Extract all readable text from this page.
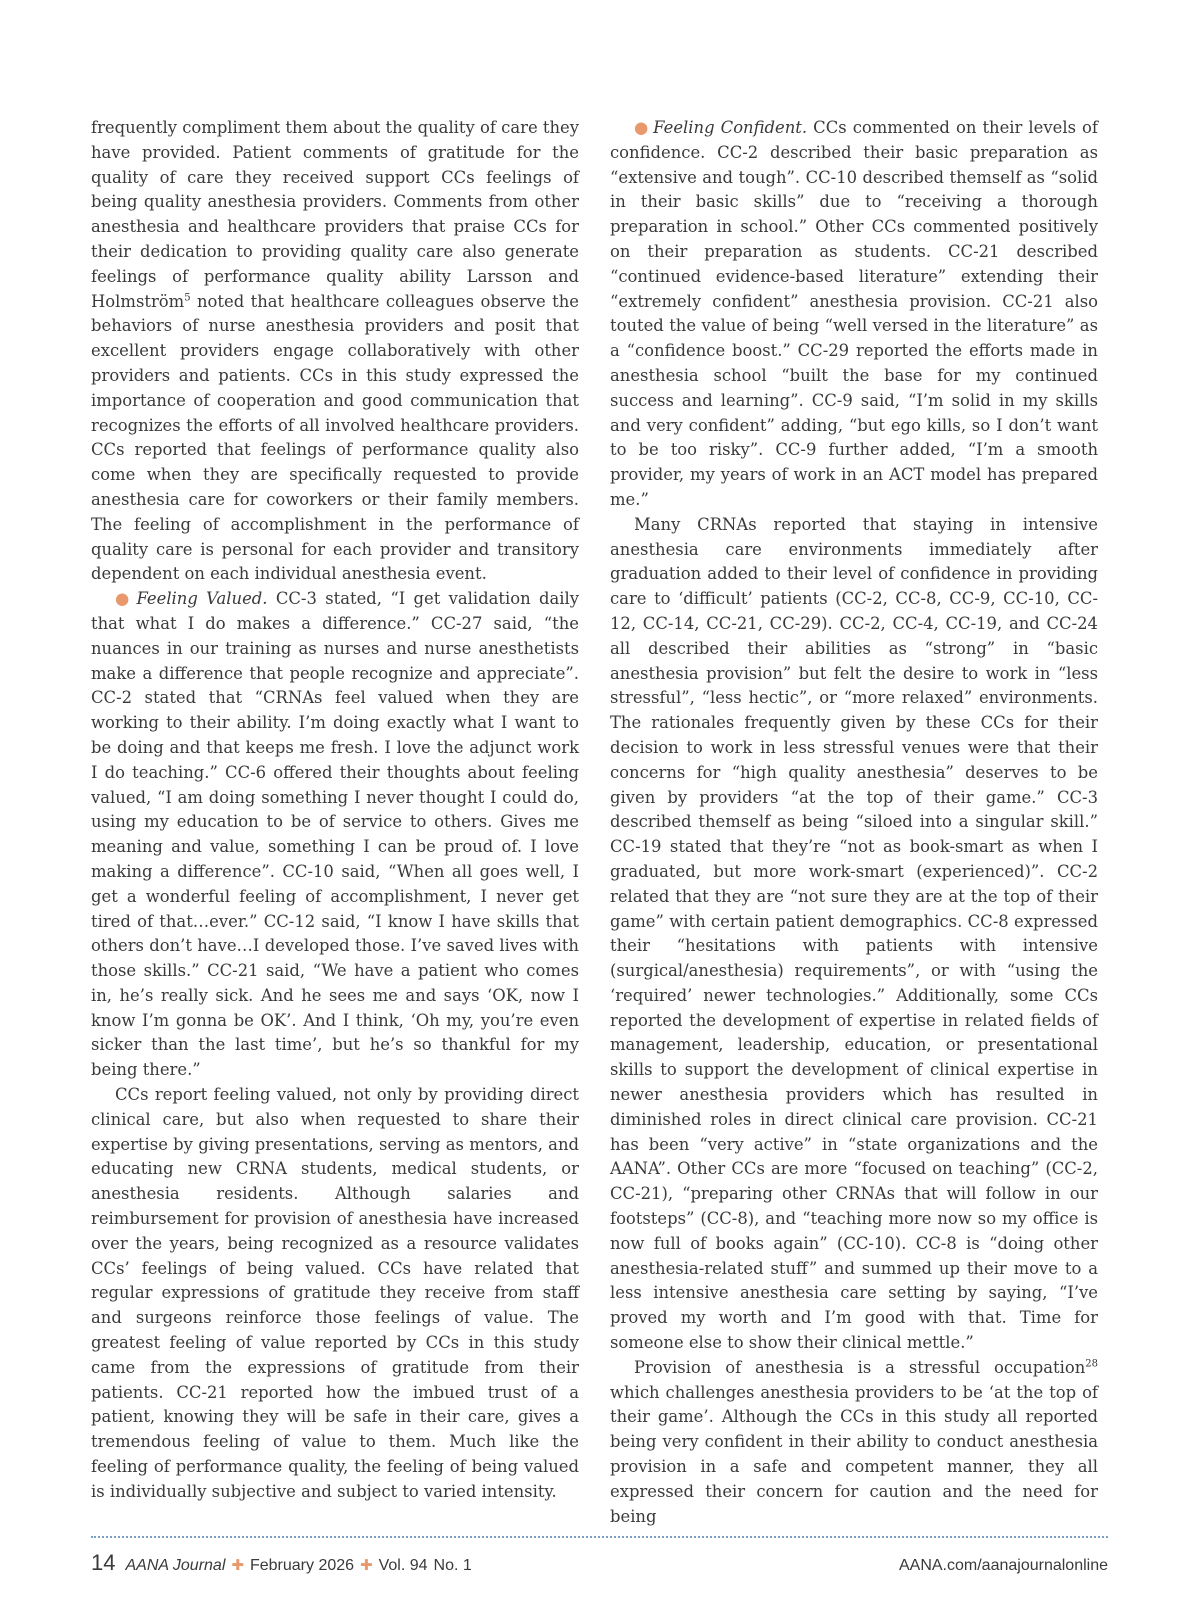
frequently compliment them about the quality of care they have provided. Patient comments of gratitude for the quality of care they received support CCs feelings of being quality anesthesia providers. Comments from other anesthesia and healthcare providers that praise CCs for their dedication to providing quality care also generate feelings of performance quality ability Larsson and Holmström$^5$ noted that healthcare colleagues observe the behaviors of nurse anesthesia providers and posit that excellent providers engage collaboratively with other providers and patients. CCs in this study expressed the importance of cooperation and good communication that recognizes the efforts of all involved healthcare providers. CCs reported that feelings of performance quality also come when they are specifically requested to provide anesthesia care for coworkers or their family members. The feeling of accomplishment in the performance of quality care is personal for each provider and transitory dependent on each individual anesthesia event.

● Feeling Valued. CC-3 stated, “I get validation daily that what I do makes a difference.” CC-27 said, “the nuances in our training as nurses and nurse anesthetists make a difference that people recognize and appreciate”. CC-2 stated that “CRNAs feel valued when they are working to their ability. I’m doing exactly what I want to be doing and that keeps me fresh. I love the adjunct work I do teaching.” CC-6 offered their thoughts about feeling valued, “I am doing something I never thought I could do, using my education to be of service to others. Gives me meaning and value, something I can be proud of. I love making a difference”. CC-10 said, “When all goes well, I get a wonderful feeling of accomplishment, I never get tired of that…ever.” CC-12 said, “I know I have skills that others don’t have…I developed those. I’ve saved lives with those skills.” CC-21 said, “We have a patient who comes in, he’s really sick. And he sees me and says ‘OK, now I know I’m gonna be OK’. And I think, ‘Oh my, you’re even sicker than the last time’, but he’s so thankful for my being there.”

CCs report feeling valued, not only by providing direct clinical care, but also when requested to share their expertise by giving presentations, serving as mentors, and educating new CRNA students, medical students, or anesthesia residents. Although salaries and reimbursement for provision of anesthesia have increased over the years, being recognized as a resource validates CCs’ feelings of being valued. CCs have related that regular expressions of gratitude they receive from staff and surgeons reinforce those feelings of value. The greatest feeling of value reported by CCs in this study came from the expressions of gratitude from their patients. CC-21 reported how the imbued trust of a patient, knowing they will be safe in their care, gives a tremendous feeling of value to them. Much like the feeling of performance quality, the feeling of being valued is individually subjective and subject to varied intensity.

● Feeling Confident. CCs commented on their levels of confidence. CC-2 described their basic preparation as “extensive and tough”. CC-10 described themself as “solid in their basic skills” due to “receiving a thorough preparation in school.” Other CCs commented positively on their preparation as students. CC-21 described “continued evidence-based literature” extending their “extremely confident” anesthesia provision. CC-21 also touted the value of being “well versed in the literature” as a “confidence boost.” CC-29 reported the efforts made in anesthesia school “built the base for my continued success and learning”. CC-9 said, “I’m solid in my skills and very confident” adding, “but ego kills, so I don’t want to be too risky”. CC-9 further added, “I’m a smooth provider, my years of work in an ACT model has prepared me.”

Many CRNAs reported that staying in intensive anesthesia care environments immediately after graduation added to their level of confidence in providing care to ‘difficult’ patients (CC-2, CC-8, CC-9, CC-10, CC-12, CC-14, CC-21, CC-29). CC-2, CC-4, CC-19, and CC-24 all described their abilities as “strong” in “basic anesthesia provision” but felt the desire to work in “less stressful”, “less hectic”, or “more relaxed” environments. The rationales frequently given by these CCs for their decision to work in less stressful venues were that their concerns for “high quality anesthesia” deserves to be given by providers “at the top of their game.” CC-3 described themself as being “siloed into a singular skill.” CC-19 stated that they’re “not as book-smart as when I graduated, but more work-smart (experienced)”. CC-2 related that they are “not sure they are at the top of their game” with certain patient demographics. CC-8 expressed their “hesitations with patients with intensive (surgical/anesthesia) requirements”, or with “using the ‘required’ newer technologies.” Additionally, some CCs reported the development of expertise in related fields of management, leadership, education, or presentational skills to support the development of clinical expertise in newer anesthesia providers which has resulted in diminished roles in direct clinical care provision. CC-21 has been “very active” in “state organizations and the AANA”. Other CCs are more “focused on teaching” (CC-2, CC-21), “preparing other CRNAs that will follow in our footsteps” (CC-8), and “teaching more now so my office is now full of books again” (CC-10). CC-8 is “doing other anesthesia-related stuff” and summed up their move to a less intensive anesthesia care setting by saying, “I’ve proved my worth and I’m good with that. Time for someone else to show their clinical mettle.”

Provision of anesthesia is a stressful occupation$^{28}$ which challenges anesthesia providers to be ‘at the top of their game’. Although the CCs in this study all reported being very confident in their ability to conduct anesthesia provision in a safe and competent manner, they all expressed their concern for caution and the need for being

14 AANA Journal ✚ February 2026 ✚ Vol. 94 No. 1	AANA.com/aanajournalonline
